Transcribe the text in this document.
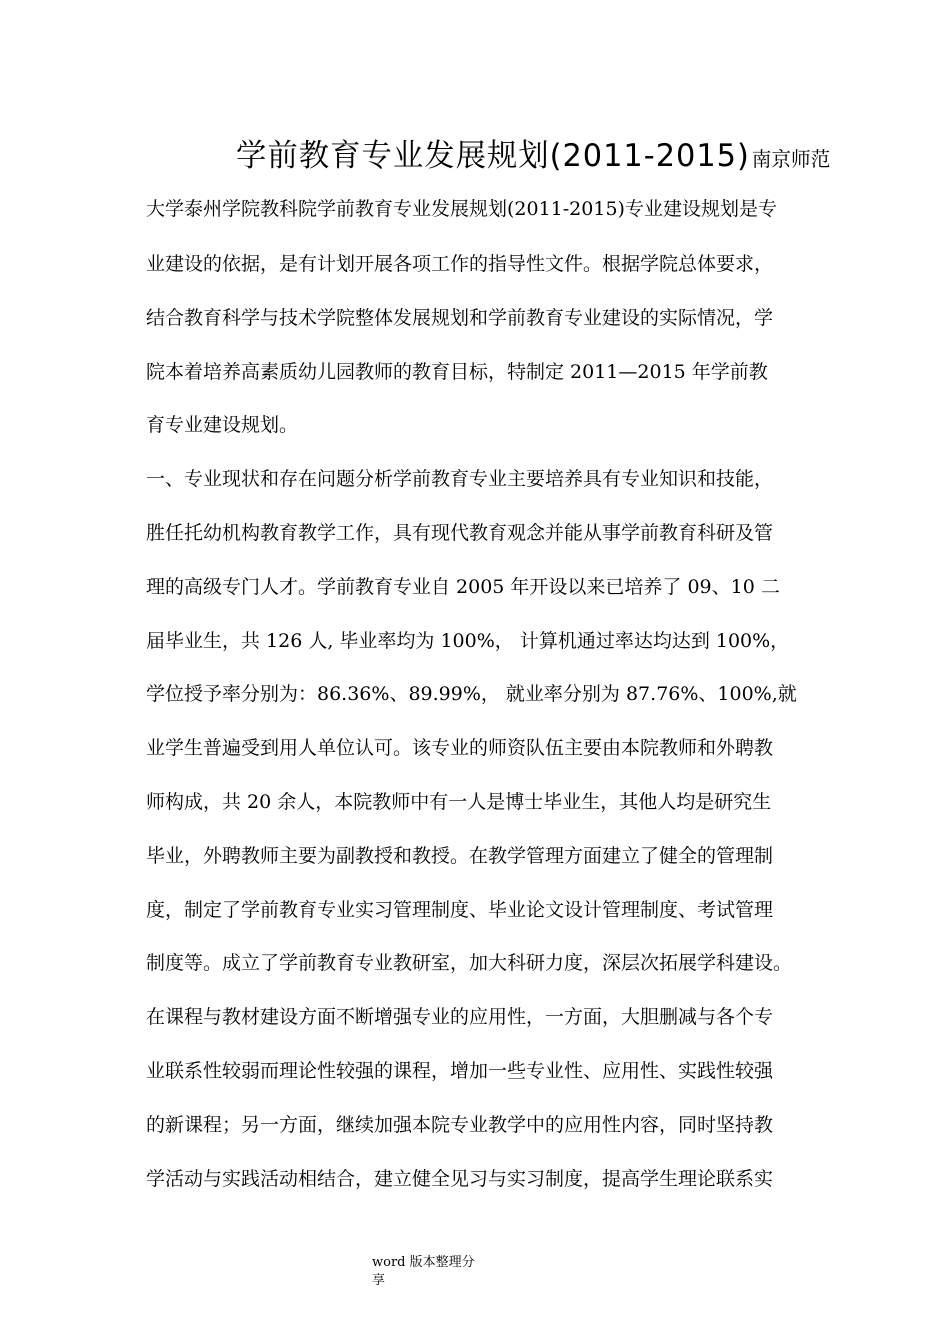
学前教育专业发展规划(2011-2015)南京师范
大学泰州学院教科院学前教育专业发展规划(2011-2015)专业建设规划是专
业建设的依据，是有计划开展各项工作的指导性文件。根据学院总体要求，
结合教育科学与技术学院整体发展规划和学前教育专业建设的实际情况，学
院本着培养高素质幼儿园教师的教育目标，特制定 2011—2015 年学前教
育专业建设规划。
一、专业现状和存在问题分析学前教育专业主要培养具有专业知识和技能，
胜任托幼机构教育教学工作，具有现代教育观念并能从事学前教育科研及管
理的高级专门人才。学前教育专业自 2005 年开设以来已培养了 09、10 二
届毕业生，共 126 人, 毕业率均为 100%， 计算机通过率达均达到 100%，
学位授予率分别为：86.36%、89.99%， 就业率分别为 87.76%、100%,就
业学生普遍受到用人单位认可。该专业的师资队伍主要由本院教师和外聘教
师构成，共 20 余人，本院教师中有一人是博士毕业生，其他人均是研究生
毕业，外聘教师主要为副教授和教授。在教学管理方面建立了健全的管理制
度，制定了学前教育专业实习管理制度、毕业论文设计管理制度、考试管理
制度等。成立了学前教育专业教研室，加大科研力度，深层次拓展学科建设。
在课程与教材建设方面不断增强专业的应用性，一方面，大胆删减与各个专
业联系性较弱而理论性较强的课程，增加一些专业性、应用性、实践性较强
的新课程；另一方面，继续加强本院专业教学中的应用性内容，同时坚持教
学活动与实践活动相结合，建立健全见习与实习制度，提高学生理论联系实
word 版本整理分
享
